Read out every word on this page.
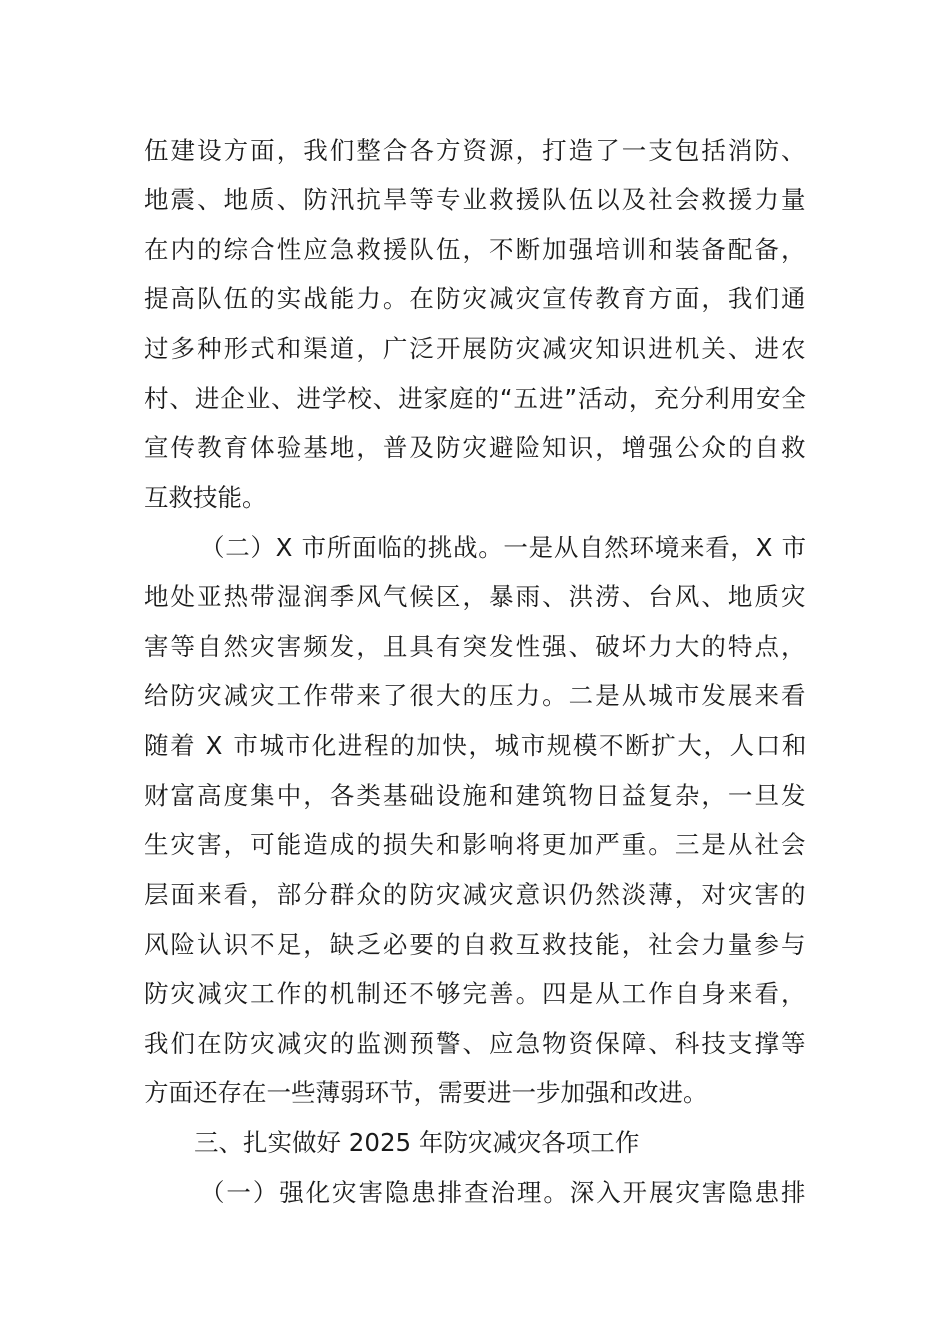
伍建设方面，我们整合各方资源，打造了一支包括消防、
地震、地质、防汛抗旱等专业救援队伍以及社会救援力量
在内的综合性应急救援队伍，不断加强培训和装备配备，
提高队伍的实战能力。在防灾减灾宣传教育方面，我们通
过多种形式和渠道，广泛开展防灾减灾知识进机关、进农
村、进企业、进学校、进家庭的“五进”活动，充分利用安全
宣传教育体验基地，普及防灾避险知识，增强公众的自救
互救技能。
（二）X 市所面临的挑战。一是从自然环境来看，X 市
地处亚热带湿润季风气候区，暴雨、洪涝、台风、地质灾
害等自然灾害频发，且具有突发性强、破坏力大的特点，
给防灾减灾工作带来了很大的压力。二是从城市发展来看
随着 X 市城市化进程的加快，城市规模不断扩大，人口和
财富高度集中，各类基础设施和建筑物日益复杂，一旦发
生灾害，可能造成的损失和影响将更加严重。三是从社会
层面来看，部分群众的防灾减灾意识仍然淡薄，对灾害的
风险认识不足，缺乏必要的自救互救技能，社会力量参与
防灾减灾工作的机制还不够完善。四是从工作自身来看，
我们在防灾减灾的监测预警、应急物资保障、科技支撑等
方面还存在一些薄弱环节，需要进一步加强和改进。
三、扎实做好 2025 年防灾减灾各项工作
（一）强化灾害隐患排查治理。深入开展灾害隐患排
